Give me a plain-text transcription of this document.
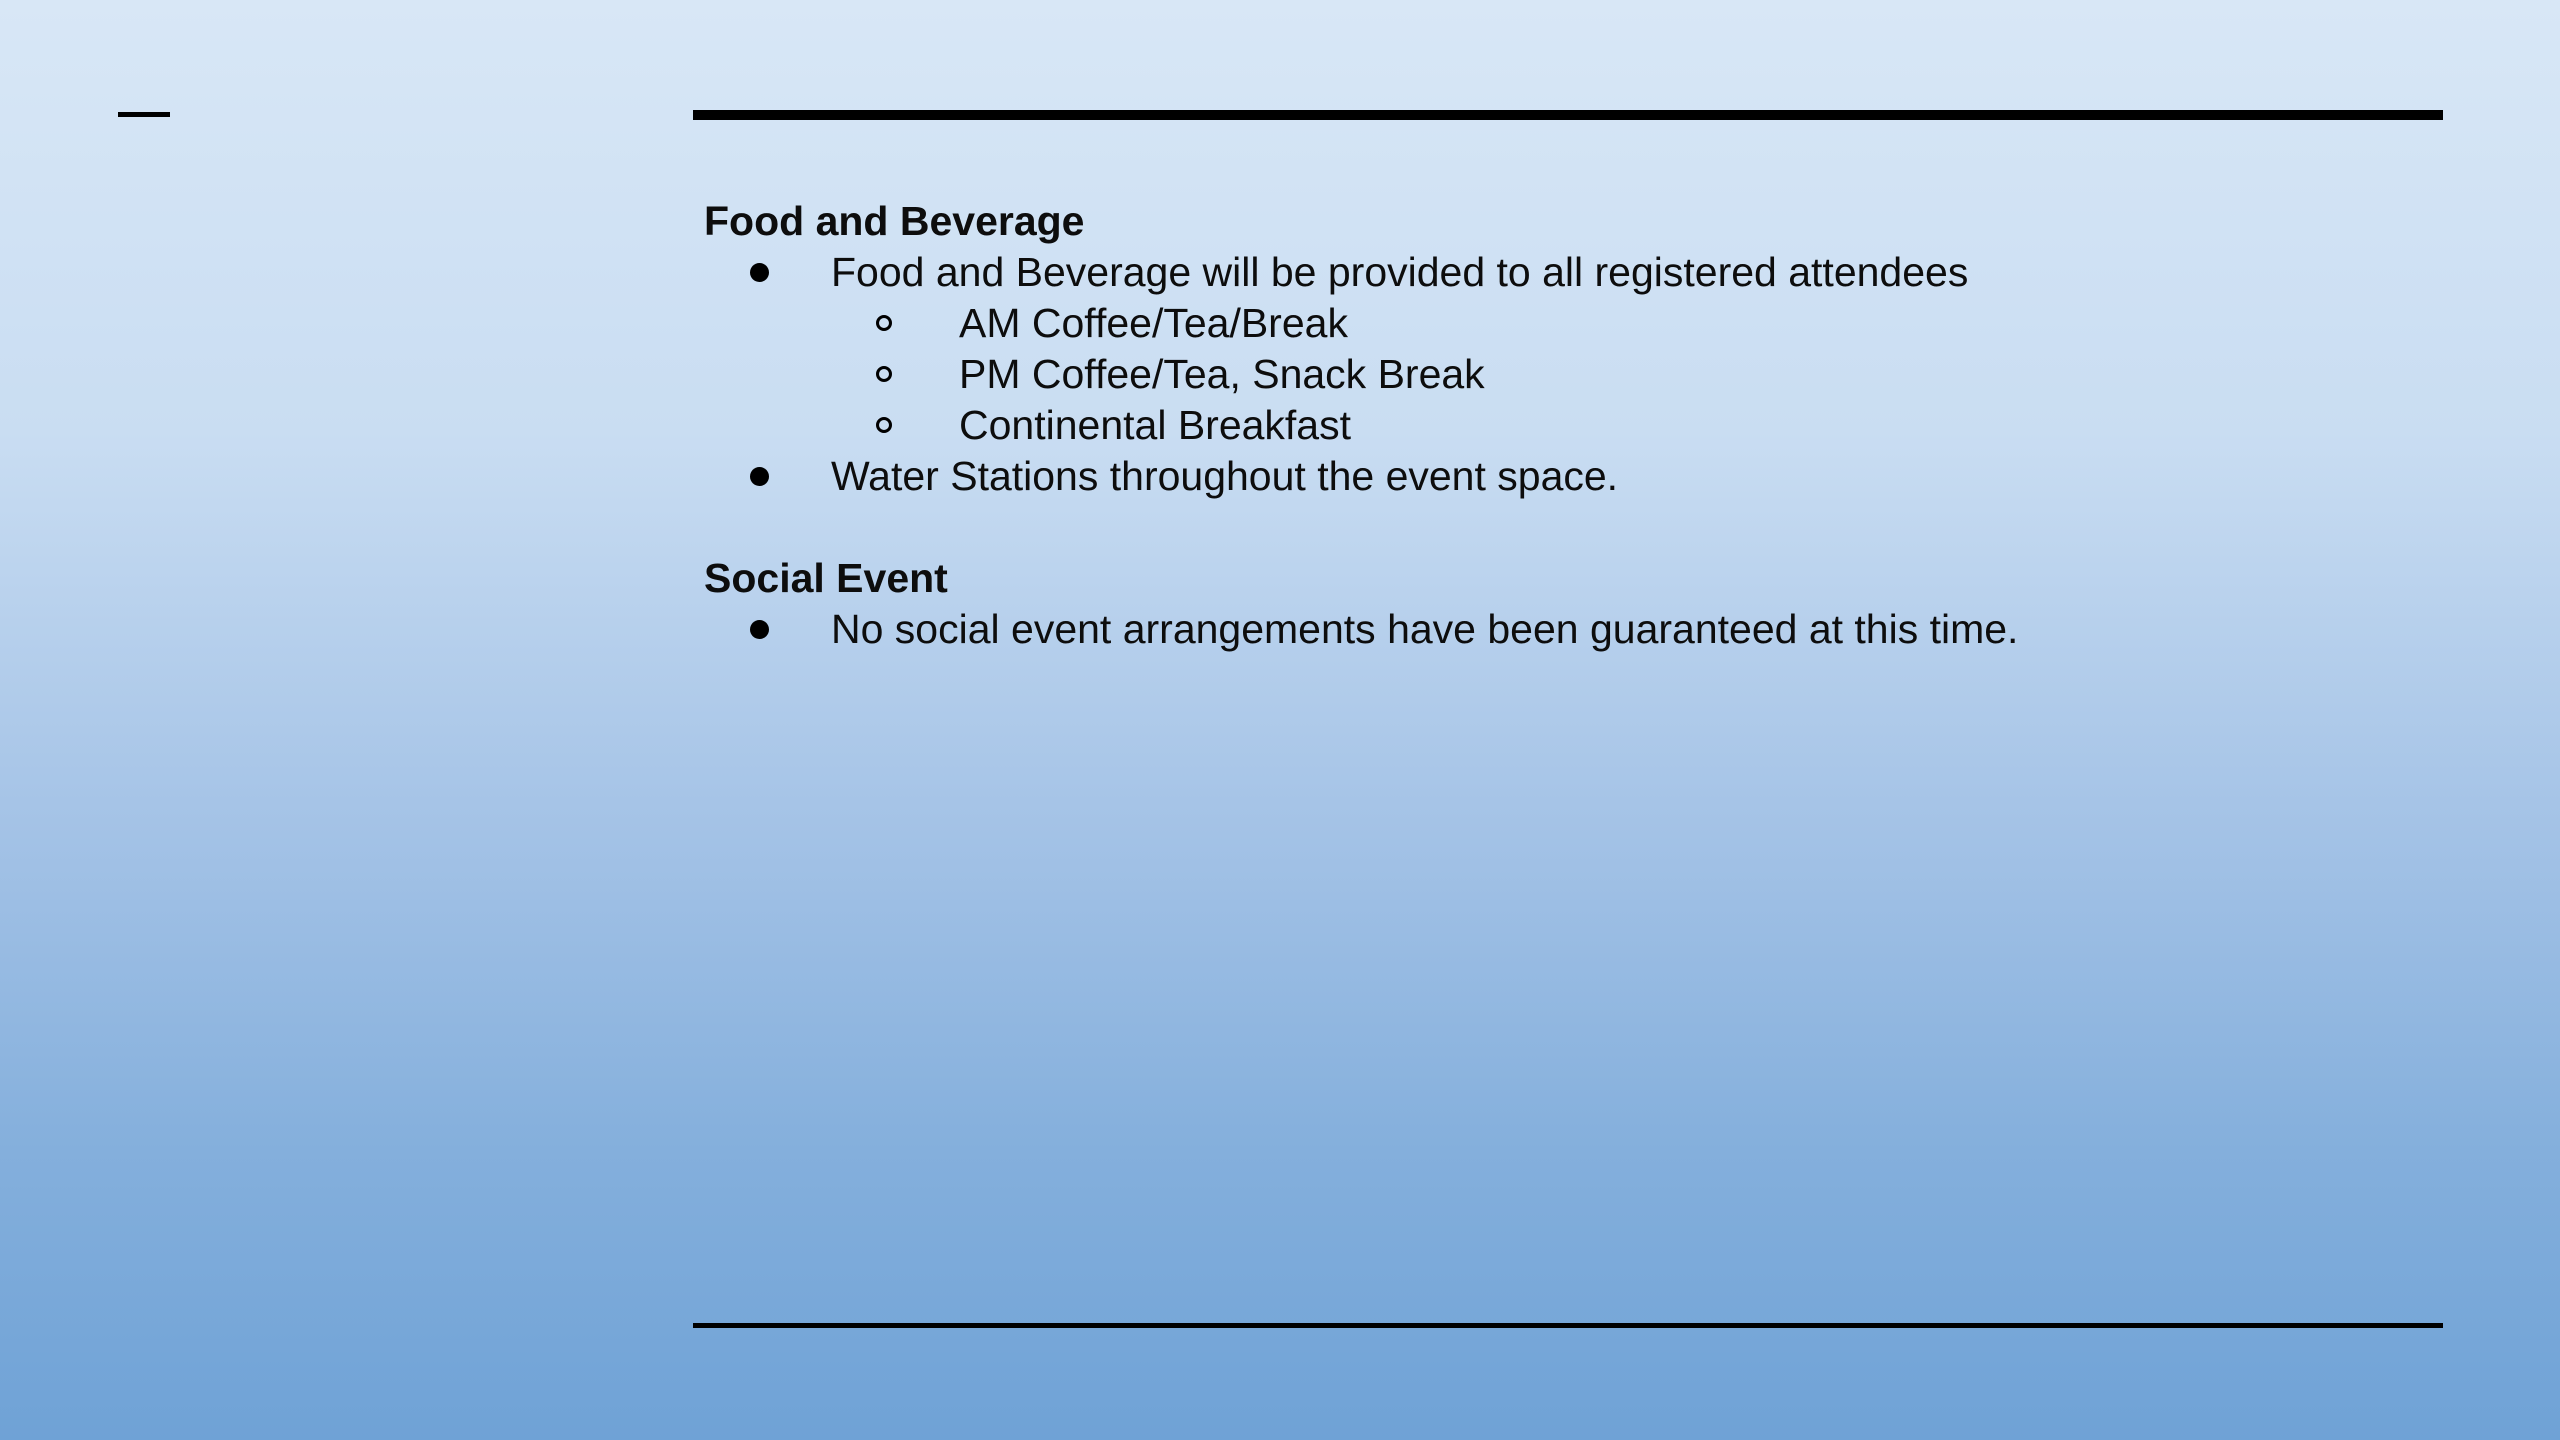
Food and Beverage
Food and Beverage will be provided to all registered attendees
AM Coffee/Tea/Break
PM Coffee/Tea, Snack Break
Continental Breakfast
Water Stations throughout the event space.
Social Event
No social event arrangements have been guaranteed at this time.
